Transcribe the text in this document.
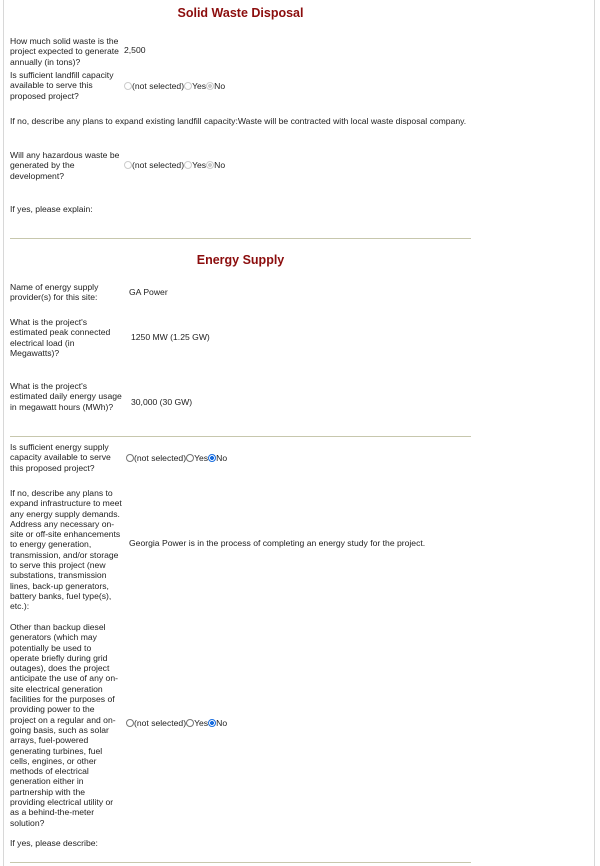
Solid Waste Disposal
How much solid waste is the project expected to generate annually (in tons)?
2,500
Is sufficient landfill capacity available to serve this proposed project?
(not selected) Yes No
If no, describe any plans to expand existing landfill capacity:Waste will be contracted with local waste disposal company.
Will any hazardous waste be generated by the development?
(not selected) Yes No
If yes, please explain:
Energy Supply
Name of energy supply provider(s) for this site:
GA Power
What is the project's estimated peak connected electrical load (in Megawatts)?
1250 MW (1.25 GW)
What is the project's estimated daily energy usage in megawatt hours (MWh)?	30,000 (30 GW)
Is sufficient energy supply capacity available to serve this proposed project?
(not selected) Yes No
If no, describe any plans to expand infrastructure to meet any energy supply demands. Address any necessary on-site or off-site enhancements to energy generation, transmission, and/or storage to serve this project (new substations, transmission lines, back-up generators, battery banks, fuel type(s), etc.):
Georgia Power is in the process of completing an energy study for the project.
Other than backup diesel generators (which may potentially be used to operate briefly during grid outages), does the project anticipate the use of any on-site electrical generation facilities for the purposes of providing power to the project on a regular and on-going basis, such as solar arrays, fuel-powered generating turbines, fuel cells, engines, or other methods of electrical generation either in partnership with the providing electrical utility or as a behind-the-meter solution?
(not selected) Yes No
If yes, please describe:
